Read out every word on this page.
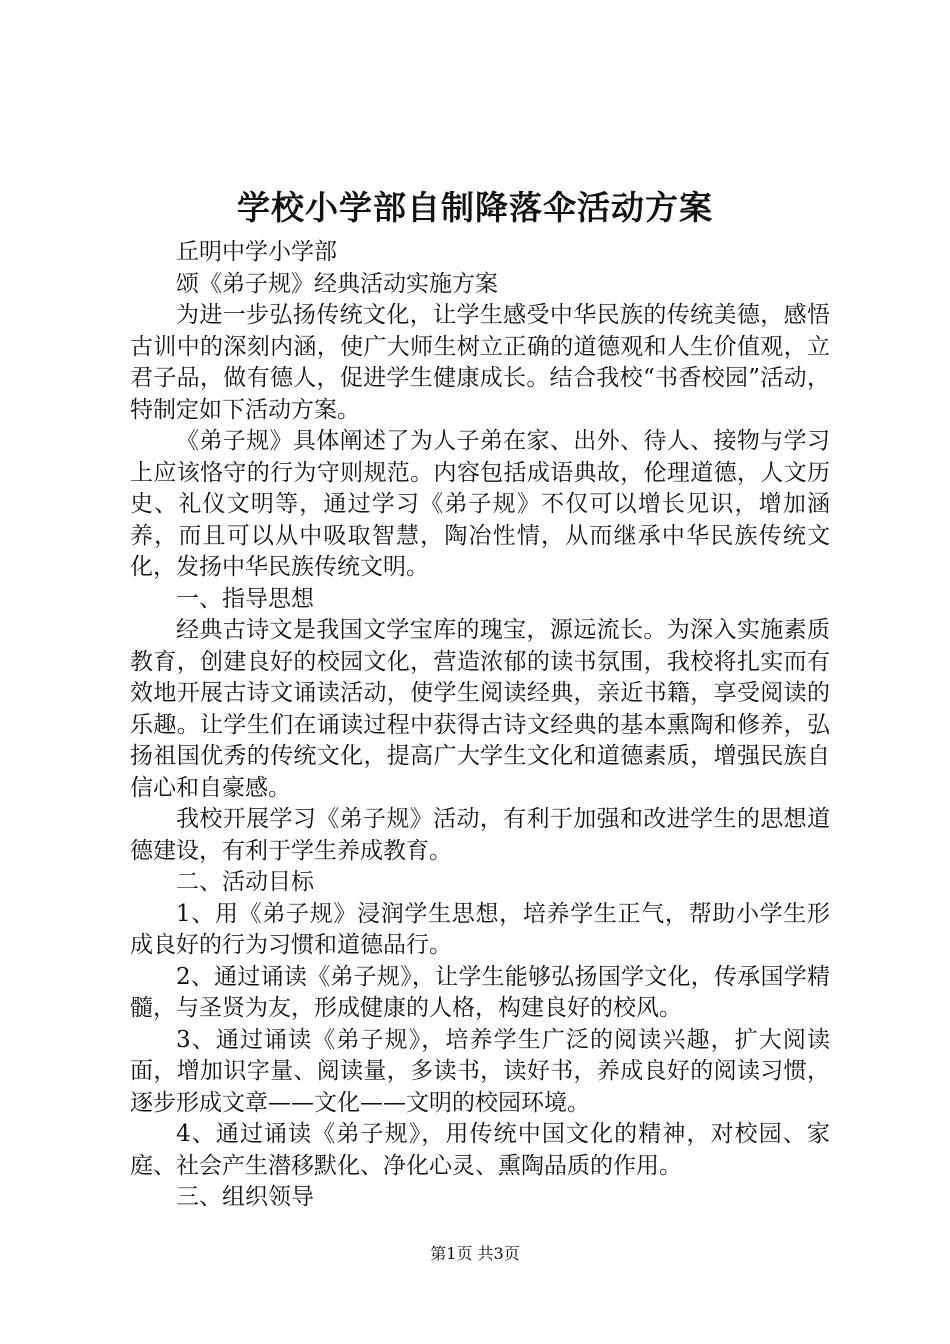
学校小学部自制降落伞活动方案

丘明中学小学部

颂《弟子规》经典活动实施方案

为进一步弘扬传统文化，让学生感受中华民族的传统美德，感悟古训中的深刻内涵，使广大师生树立正确的道德观和人生价值观，立君子品，做有德人，促进学生健康成长。结合我校“书香校园”活动，特制定如下活动方案。

《弟子规》具体阐述了为人子弟在家、出外、待人、接物与学习上应该恪守的行为守则规范。内容包括成语典故，伦理道德，人文历史、礼仪文明等，通过学习《弟子规》不仅可以增长见识，增加涵养，而且可以从中吸取智慧，陶冶性情，从而继承中华民族传统文化，发扬中华民族传统文明。

一、指导思想

经典古诗文是我国文学宝库的瑰宝，源远流长。为深入实施素质教育，创建良好的校园文化，营造浓郁的读书氛围，我校将扎实而有效地开展古诗文诵读活动，使学生阅读经典，亲近书籍，享受阅读的乐趣。让学生们在诵读过程中获得古诗文经典的基本熏陶和修养，弘扬祖国优秀的传统文化，提高广大学生文化和道德素质，增强民族自信心和自豪感。

我校开展学习《弟子规》活动，有利于加强和改进学生的思想道德建设，有利于学生养成教育。

二、活动目标

1、用《弟子规》浸润学生思想，培养学生正气，帮助小学生形成良好的行为习惯和道德品行。

2、通过诵读《弟子规》，让学生能够弘扬国学文化，传承国学精髓，与圣贤为友，形成健康的人格，构建良好的校风。

3、通过诵读《弟子规》，培养学生广泛的阅读兴趣，扩大阅读面，增加识字量、阅读量，多读书，读好书，养成良好的阅读习惯，逐步形成文章——文化——文明的校园环境。

4、通过诵读《弟子规》，用传统中国文化的精神，对校园、家庭、社会产生潜移默化、净化心灵、熏陶品质的作用。

三、组织领导

第1页 共3页
